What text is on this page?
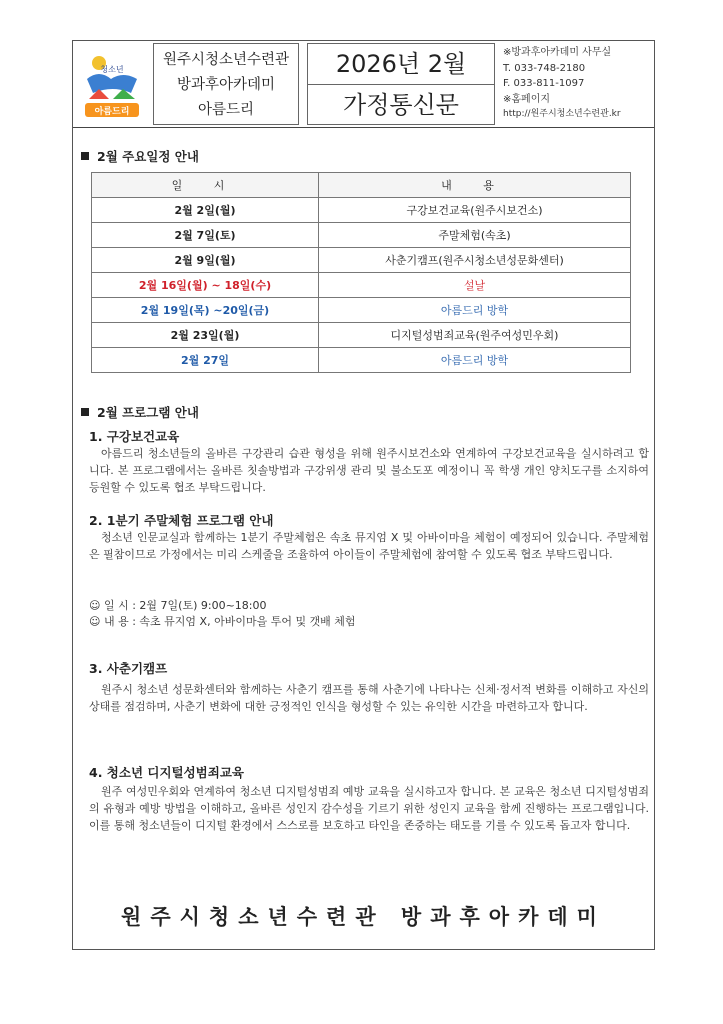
청소년
아름드리
원주시청소년수련관
방과후아카데미
아름드리
2026년 2월
가정통신문
※방과후아카데미 사무실
T. 033-748-2180
F. 033-811-1097
※홈페이지
http://원주시청소년수련관.kr
2월 주요일정 안내
일 시	내 용
2월 2일(월)	구강보건교육(원주시보건소)
2월 7일(토)	주말체험(속초)
2월 9일(월)	사춘기캠프(원주시청소년성문화센터)
2월 16일(월) ~ 18일(수)	설날
2월 19일(목) ~20일(금)	아름드리 방학
2월 23일(월)	디지털성범죄교육(원주여성민우회)
2월 27일	아름드리 방학
2월 프로그램 안내
1. 구강보건교육
아름드리 청소년들의 올바른 구강관리 습관 형성을 위해 원주시보건소와 연계하여 구강보건교육을 실시하려고 합니다. 본 프로그램에서는 올바른 칫솔방법과 구강위생 관리 및 불소도포 예정이니 꼭 학생 개인 양치도구를 소지하여 등원할 수 있도록 협조 부탁드립니다.
2. 1분기 주말체험 프로그램 안내
청소년 인문교실과 함께하는 1분기 주말체험은 속초 뮤지엄 X 및 아바이마을 체험이 예정되어 있습니다. 주말체험은 필참이므로 가정에서는 미리 스케줄을 조율하여 아이들이 주말체험에 참여할 수 있도록 협조 부탁드립니다.
☺ 일 시 : 2월 7일(토) 9:00~18:00
☺ 내 용 : 속초 뮤지엄 X, 아바이마을 투어 및 갯배 체험
3. 사춘기캠프
원주시 청소년 성문화센터와 함께하는 사춘기 캠프를 통해 사춘기에 나타나는 신체·정서적 변화를 이해하고 자신의 상태를 점검하며, 사춘기 변화에 대한 긍정적인 인식을 형성할 수 있는 유익한 시간을 마련하고자 합니다.
4. 청소년 디지털성범죄교육
원주 여성민우회와 연계하여 청소년 디지털성범죄 예방 교육을 실시하고자 합니다. 본 교육은 청소년 디지털성범죄의 유형과 예방 방법을 이해하고, 올바른 성인지 감수성을 기르기 위한 성인지 교육을 함께 진행하는 프로그램입니다. 이를 통해 청소년들이 디지털 환경에서 스스로를 보호하고 타인을 존중하는 태도를 기를 수 있도록 돕고자 합니다.
원주시청소년수련관 방과후아카데미
